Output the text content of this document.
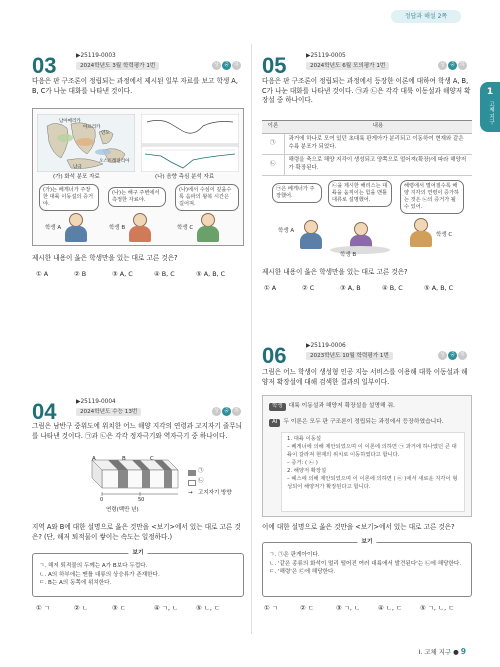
정답과 해설 2쪽
1
고체 지구
03	▶25119-0003
2024학년도 3월 학력평가 1번	상	중	하
다음은 판 구조론이 정립되는 과정에서 제시된 일부 자료를 보고 학생 A, B, C가 나눈 대화를 나타낸 것이다.
남아메리카
아프리카
인도
오스트레일리아
남극
(가) 화석 분포 자료	(나) 음향 측심 분석 자료
(가)는 베게너가 주장한 대륙 이동설의 증거야.
(나)는 해구 주변에서 측정한 자료야.
(나)에서 수심이 깊을수록 음파의 왕복 시간은 길어져.
학생 A	학생 B	학생 C
제시한 내용이 옳은 학생만을 있는 대로 고른 것은?
① A	② B	③ A, C	④ B, C	⑤ A, B, C
05	▶25119-0005
2024학년도 6월 모의평가 1번	상	중	하
다음은 판 구조론이 정립되는 과정에서 등장한 이론에 대하여 학생 A, B, C가 나눈 대화를 나타낸 것이다. ㉠과 ㉡은 각각 대륙 이동설과 해양저 확장설 중 하나이다.
이론	내용
㉠	과거에 하나로 모여 있던 초대륙 판게아가 분리되고 이동하여 현재와 같은 수륙 분포가 되었다.
㉡	해령을 축으로 해양 지각이 생성되고 양쪽으로 멀어져(확장)에 따라 해양저가 확장된다.
㉠은 베게너가 주장했어.
㉡을 제시한 해리스는 대륙을 움직이는 힘을 맨틀 대류로 설명했어.
해령에서 멀어질수록 해양 지각의 연령이 증가하는 것은 ㉡의 증거가 될 수 있어.
학생 A
학생 B
학생 C
제시한 내용이 옳은 학생만을 있는 대로 고른 것은?
① A	② C	③ A, B	④ B, C	⑤ A, B, C
04	▶25119-0004
2024학년도 수능 13번	상	중	하
그림은 남반구 중위도에 위치한 어느 해양 지각의 연령과 고지자기 줄무늬를 나타낸 것이다. ㉠과 ㉡은 각각 정자극기와 역자극기 중 하나이다.
A	B	C
0	50
연령(백만 년)
㉠
㉡
→ 고지자기 방향
지역 A와 B에 대한 설명으로 옳은 것만을 <보기>에서 있는 대로 고른 것은? (단, 해저 퇴적물이 쌓이는 속도는 일정하다.)
보기
ㄱ. 해저 퇴적물의 두께는 A가 B보다 두껍다.
ㄴ. A의 하부에는 맨틀 대류의 상승류가 존재한다.
ㄷ. B는 A의 동쪽에 위치한다.
① ㄱ	② ㄴ	③ ㄷ	④ ㄱ, ㄴ	⑤ ㄴ, ㄷ
06	▶25119-0006
2023학년도 10월 학력평가 1번	상	중	하
그림은 어느 학생이 생성형 인공 지능 서비스를 이용해 대륙 이동설과 해양저 확장설에 대해 검색한 결과의 일부이다.
학생 대륙 이동설과 해양저 확장설을 설명해 줘.
AI 두 이론은 모두 판 구조론이 정립되는 과정에서 등장하였습니다.
1. 대륙 이동설
– 베게너에 의해 제안되었으며 이 이론에 의하면 ㉠ 과거에 하나였던 큰 대륙이 갈라져 현재의 위치로 이동하였다고 합니다.
– 증거: ( ㉡ )
2. 해양저 확장설
– 헤스에 의해 제안되었으며 이 이론에 의하면 ( ㉢ )에서 새로운 지각이 형성되어 해양저가 확장된다고 합니다.
이에 대한 설명으로 옳은 것만을 <보기>에서 있는 대로 고른 것은?
보기
ㄱ. ㉠은 판게아이다.
ㄴ. '같은 종류의 화석이 멀리 떨어진 여러 대륙에서 발견된다'는 ㉡에 해당한다.
ㄷ. '해령'은 ㉢에 해당한다.
① ㄱ	② ㄷ	③ ㄱ, ㄴ	④ ㄴ, ㄷ	⑤ ㄱ, ㄴ, ㄷ
I. 고체 지구 ● 9
